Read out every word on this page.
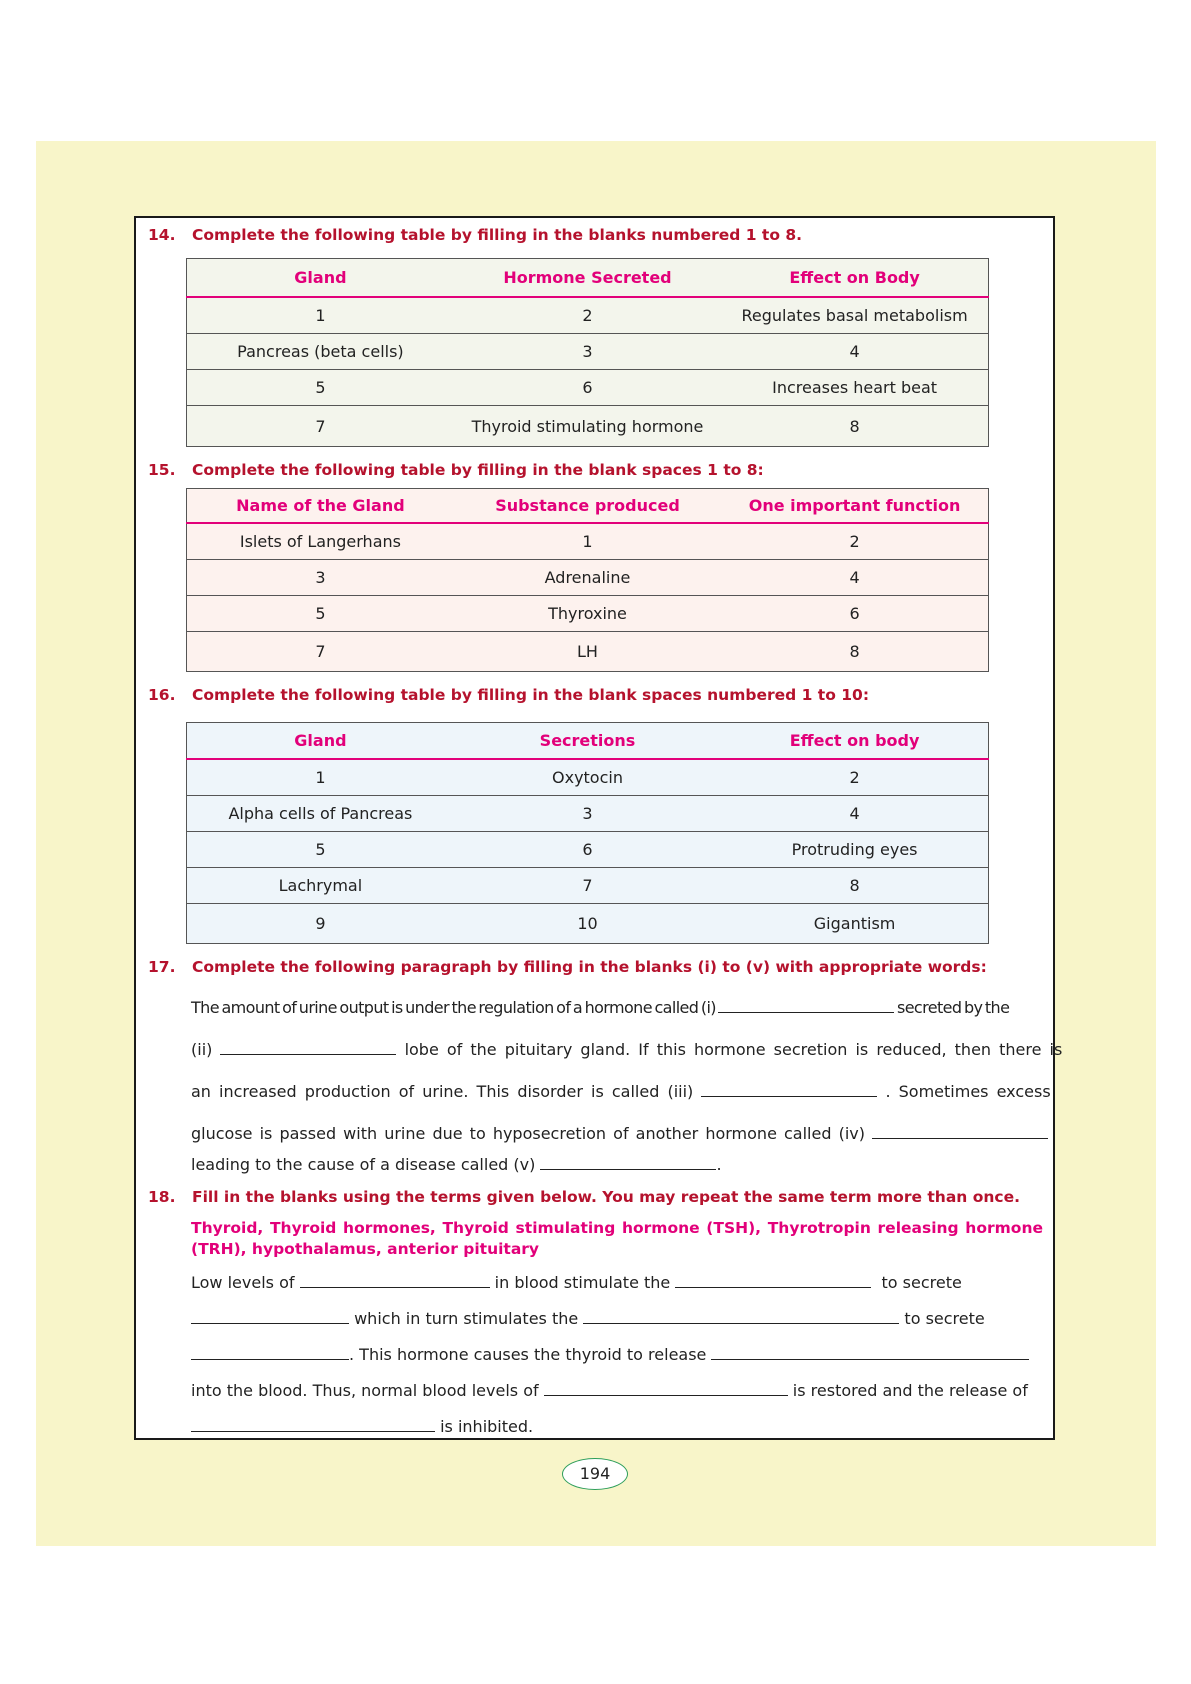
14. Complete the following table by filling in the blanks numbered 1 to 8.
Gland	Hormone Secreted	Effect on Body
1	2	Regulates basal metabolism
Pancreas (beta cells)	3	4
5	6	Increases heart beat
7	Thyroid stimulating hormone	8
15. Complete the following table by filling in the blank spaces 1 to 8:
Name of the Gland	Substance produced	One important function
Islets of Langerhans	1	2
3	Adrenaline	4
5	Thyroxine	6
7	LH	8
16. Complete the following table by filling in the blank spaces numbered 1 to 10:
Gland	Secretions	Effect on body
1	Oxytocin	2
Alpha cells of Pancreas	3	4
5	6	Protruding eyes
Lachrymal	7	8
9	10	Gigantism
17. Complete the following paragraph by filling in the blanks (i) to (v) with appropriate words:
The amount of urine output is under the regulation of a hormone called (i)	secreted by the
(ii)	lobe of the pituitary gland. If this hormone secretion is reduced, then there is
an increased production of urine. This disorder is called (iii)	. Sometimes excess
glucose is passed with urine due to hyposecretion of another hormone called (iv)
leading to the cause of a disease called (v)	.
18. Fill in the blanks using the terms given below. You may repeat the same term more than once.
Thyroid, Thyroid hormones, Thyroid stimulating hormone (TSH), Thyrotropin releasing hormone (TRH), hypothalamus, anterior pituitary
Low levels of	in blood stimulate the	to secrete
which in turn stimulates the	to secrete
. This hormone causes the thyroid to release
into the blood. Thus, normal blood levels of	is restored and the release of
is inhibited.
194
